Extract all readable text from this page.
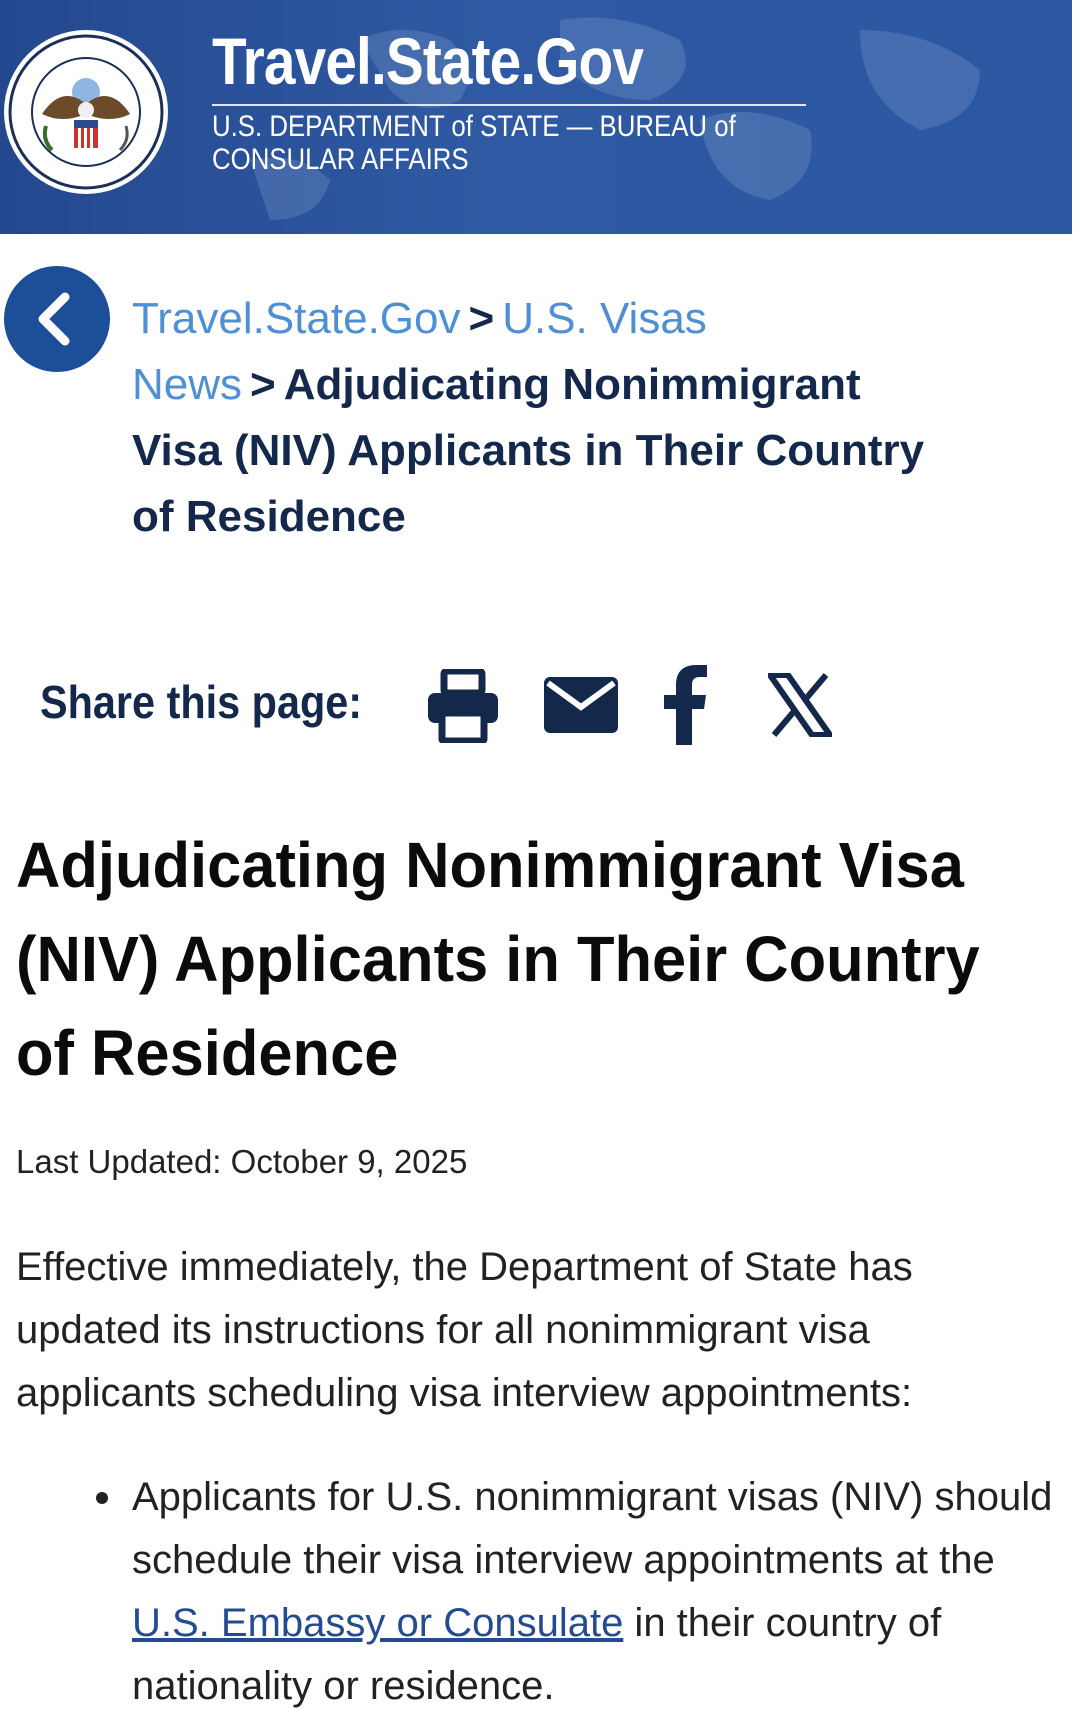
Travel.State.Gov
U.S. DEPARTMENT of STATE — BUREAU of CONSULAR AFFAIRS
Travel.State.Gov > U.S. Visas News > Adjudicating Nonimmigrant Visa (NIV) Applicants in Their Country of Residence
Share this page:
Adjudicating Nonimmigrant Visa (NIV) Applicants in Their Country of Residence
Last Updated: October 9, 2025

Effective immediately, the Department of State has updated its instructions for all nonimmigrant visa applicants scheduling visa interview appointments:

Applicants for U.S. nonimmigrant visas (NIV) should schedule their visa interview appointments at the U.S. Embassy or Consulate in their country of nationality or residence.
